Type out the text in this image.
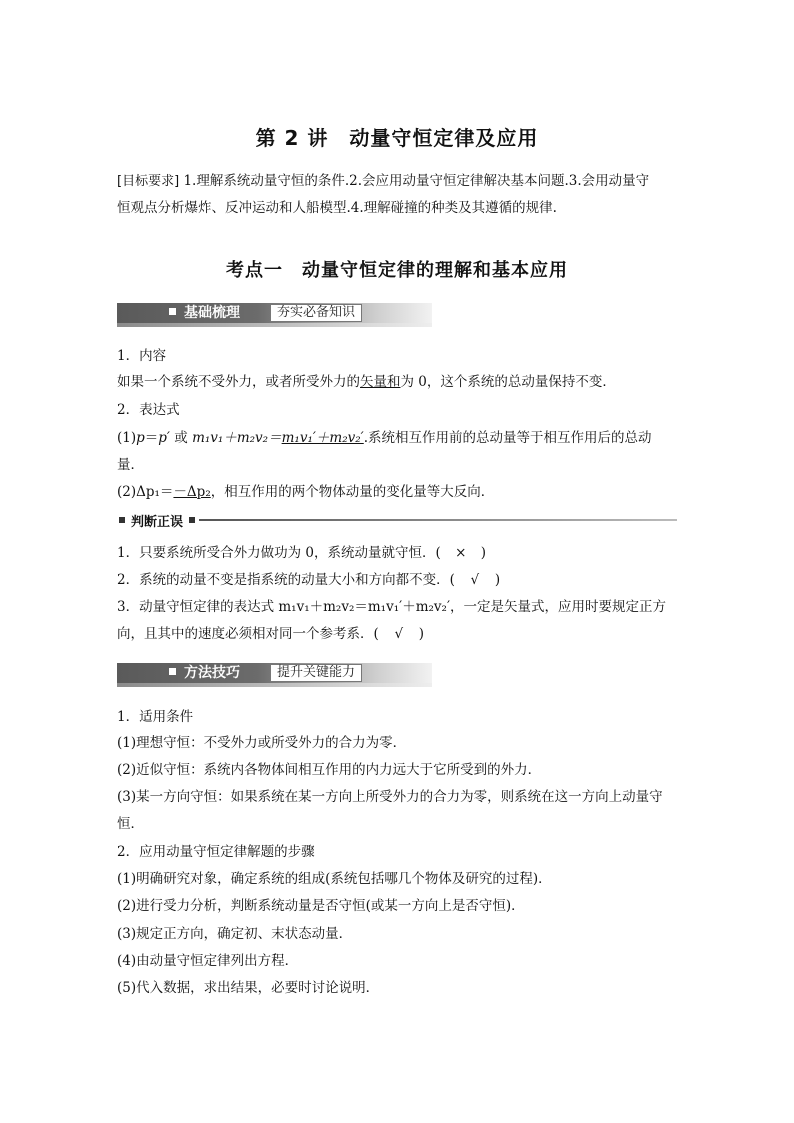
第 2 讲　动量守恒定律及应用
[目标要求] 1.理解系统动量守恒的条件.2.会应用动量守恒定律解决基本问题.3.会用动量守
恒观点分析爆炸、反冲运动和人船模型.4.理解碰撞的种类及其遵循的规律.
考点一　动量守恒定律的理解和基本应用
基础梳理	夯实必备知识
1．内容
如果一个系统不受外力，或者所受外力的矢量和为 0，这个系统的总动量保持不变．
2．表达式
(1)p＝p′ 或 m₁v₁＋m₂v₂＝m₁v₁′＋m₂v₂′.系统相互作用前的总动量等于相互作用后的总动
量．
(2)Δp₁＝－Δp₂，相互作用的两个物体动量的变化量等大反向．
判断正误
1．只要系统所受合外力做功为 0，系统动量就守恒．( × )
2．系统的动量不变是指系统的动量大小和方向都不变．( √ )
3．动量守恒定律的表达式 m₁v₁＋m₂v₂＝m₁v₁′＋m₂v₂′，一定是矢量式，应用时要规定正方
向，且其中的速度必须相对同一个参考系．( √ )
方法技巧	提升关键能力
1．适用条件
(1)理想守恒：不受外力或所受外力的合力为零．
(2)近似守恒：系统内各物体间相互作用的内力远大于它所受到的外力．
(3)某一方向守恒：如果系统在某一方向上所受外力的合力为零，则系统在这一方向上动量守
恒．
2．应用动量守恒定律解题的步骤
(1)明确研究对象，确定系统的组成(系统包括哪几个物体及研究的过程)．
(2)进行受力分析，判断系统动量是否守恒(或某一方向上是否守恒)．
(3)规定正方向，确定初、末状态动量．
(4)由动量守恒定律列出方程．
(5)代入数据，求出结果，必要时讨论说明．
